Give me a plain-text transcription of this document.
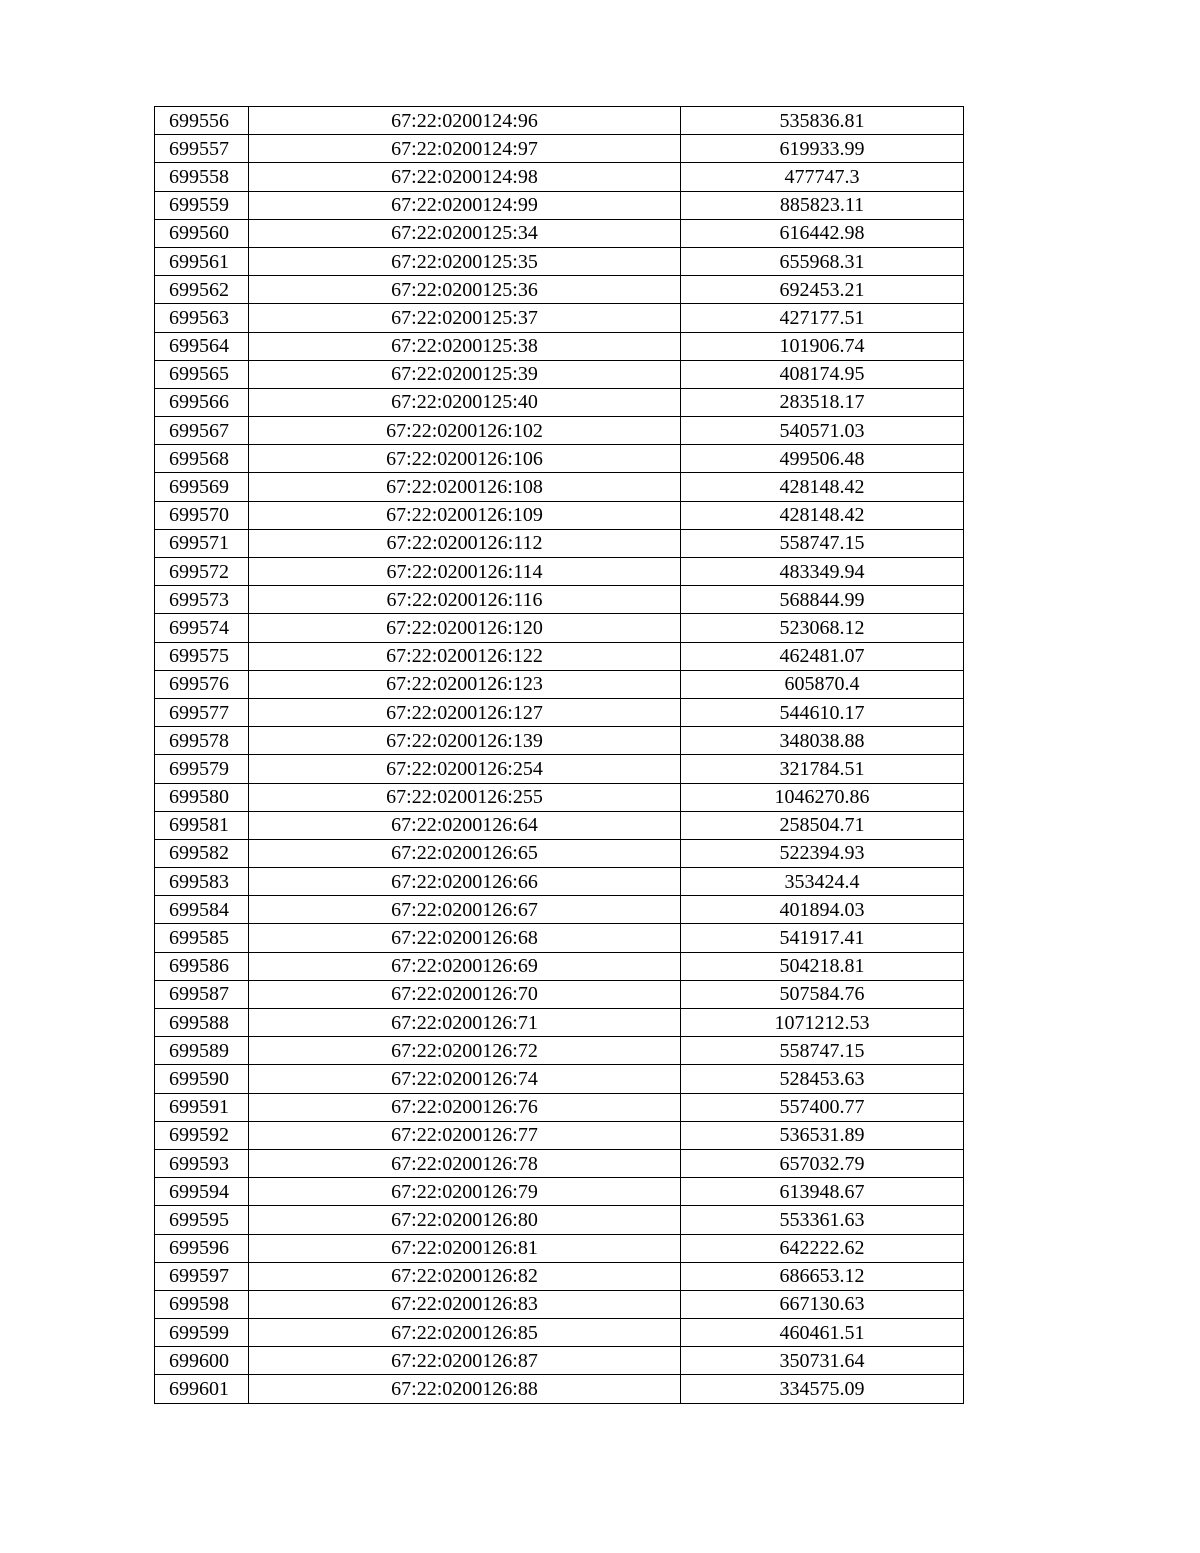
699556	67:22:0200124:96	535836.81
699557	67:22:0200124:97	619933.99
699558	67:22:0200124:98	477747.3
699559	67:22:0200124:99	885823.11
699560	67:22:0200125:34	616442.98
699561	67:22:0200125:35	655968.31
699562	67:22:0200125:36	692453.21
699563	67:22:0200125:37	427177.51
699564	67:22:0200125:38	101906.74
699565	67:22:0200125:39	408174.95
699566	67:22:0200125:40	283518.17
699567	67:22:0200126:102	540571.03
699568	67:22:0200126:106	499506.48
699569	67:22:0200126:108	428148.42
699570	67:22:0200126:109	428148.42
699571	67:22:0200126:112	558747.15
699572	67:22:0200126:114	483349.94
699573	67:22:0200126:116	568844.99
699574	67:22:0200126:120	523068.12
699575	67:22:0200126:122	462481.07
699576	67:22:0200126:123	605870.4
699577	67:22:0200126:127	544610.17
699578	67:22:0200126:139	348038.88
699579	67:22:0200126:254	321784.51
699580	67:22:0200126:255	1046270.86
699581	67:22:0200126:64	258504.71
699582	67:22:0200126:65	522394.93
699583	67:22:0200126:66	353424.4
699584	67:22:0200126:67	401894.03
699585	67:22:0200126:68	541917.41
699586	67:22:0200126:69	504218.81
699587	67:22:0200126:70	507584.76
699588	67:22:0200126:71	1071212.53
699589	67:22:0200126:72	558747.15
699590	67:22:0200126:74	528453.63
699591	67:22:0200126:76	557400.77
699592	67:22:0200126:77	536531.89
699593	67:22:0200126:78	657032.79
699594	67:22:0200126:79	613948.67
699595	67:22:0200126:80	553361.63
699596	67:22:0200126:81	642222.62
699597	67:22:0200126:82	686653.12
699598	67:22:0200126:83	667130.63
699599	67:22:0200126:85	460461.51
699600	67:22:0200126:87	350731.64
699601	67:22:0200126:88	334575.09
